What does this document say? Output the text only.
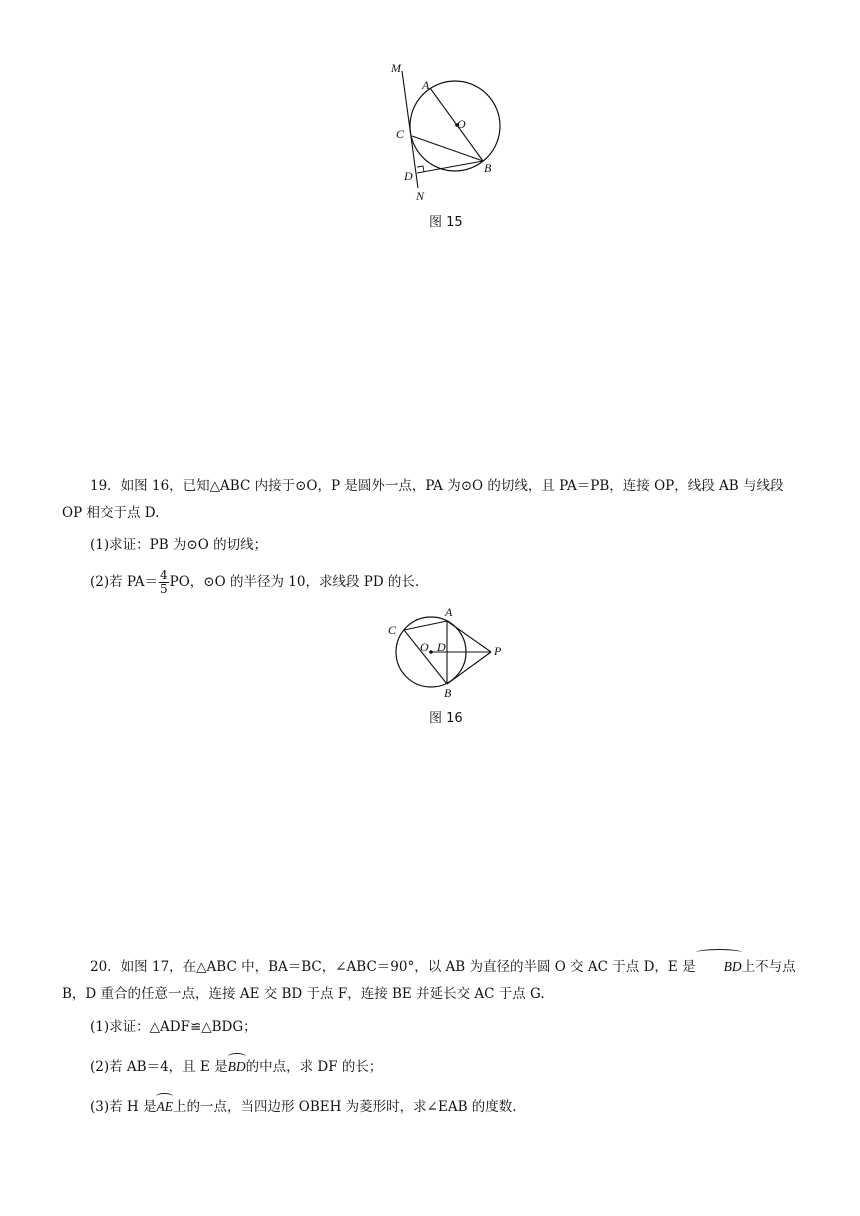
M
A
O
C
B
D
N
图 15
19．如图 16，已知△ABC 内接于⊙O，P 是圆外一点，PA 为⊙O 的切线，且 PA＝PB，连接 OP，线段 AB 与线段 OP 相交于点 D.
(1)求证：PB 为⊙O 的切线；
(2)若 $PA= \frac{4}{5}$ PO，⊙O 的半径为 10，求线段 PD 的长.
C
O D
A
P
B
图 16
20．如图 17，在△ABC 中，BA＝BC，∠ABC＝90°，以 AB 为直径的半圆 O 交 AC 于点 D，E 是 BD上不与点 B，D 重合的任意一点，连接 AE 交 BD 于点 F，连接 BE 并延长交 AC 于点 G.
(1)求证：△ADF≌△BDG；
(2)若 AB＝4，且 E 是BD的中点，求 DF 的长；
(3)若 H 是AE上的一点，当四边形 OBEH 为菱形时，求∠EAB 的度数.
